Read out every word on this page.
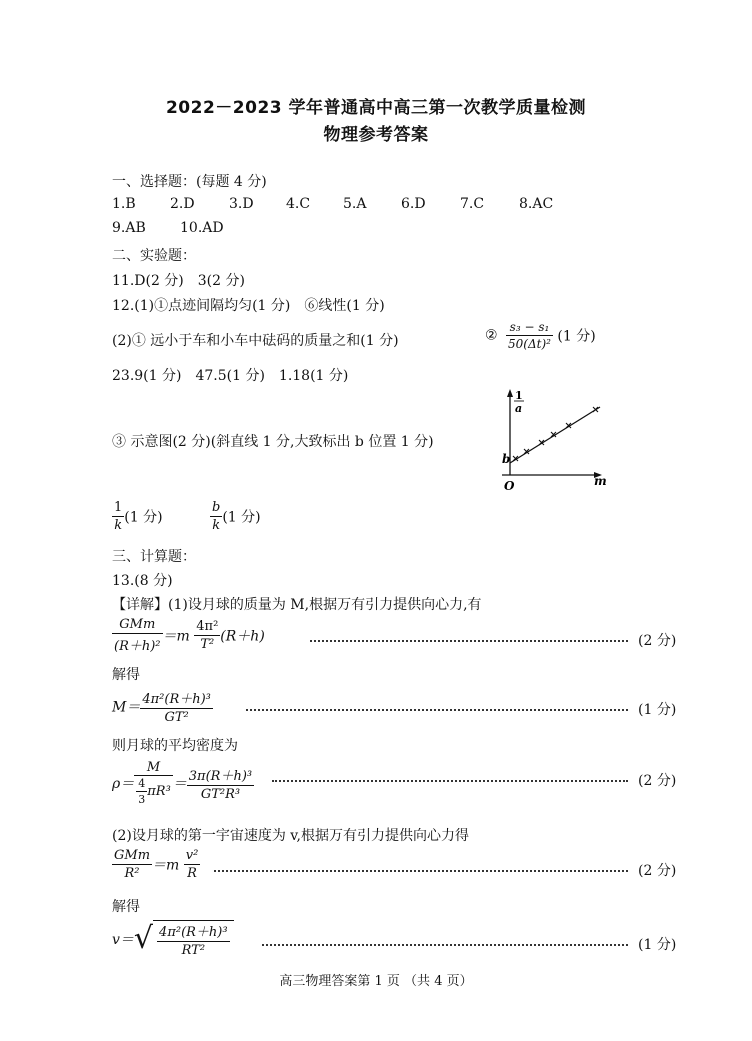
2022－2023 学年普通高中高三第一次教学质量检测
物理参考答案
一、选择题：(每题 4 分)
1.B 2.D 3.D 4.C 5.A 6.D 7.C 8.AC
9.AB 10.AD
二、实验题：
11.D(2 分)　3(2 分)
12.(1)①点迹间隔均匀(1 分)　⑥线性(1 分)
(2)① 远小于车和小车中砝码的质量之和(1 分)	② $\frac{\text{s₃ − s₁}}{\text{50(Δt)²}} (1$ 分)
23.9(1 分)　47.5(1 分)　1.18(1 分)
③ 示意图(2 分)(斜直线 1 分,大致标出 b 位置 1 分)
1
a
m
O
b
$\frac{1}{k} (1$ 分)	$\frac{b}{k} (1$ 分)
三、计算题：
13.(8 分)
【详解】(1)设月球的质量为 M,根据万有引力提供向心力,有
$\frac{\text{GMm}}{\text{(R＋h)²}} =m \frac{\text{4π²}}{\text{T²}} (R+h)$	(2 分)
解得
$M= \frac{\text{4π²(R＋h)³}}{\text{GT²}}$	(1 分)
则月球的平均密度为
$\rho= \frac{M}{\frac{4}{3} \pi R^3} = \frac{\text{3π(R＋h)³}}{\text{GT²R³}}$	(2 分)
(2)设月球的第一宇宙速度为 v,根据万有引力提供向心力得
$\frac{\text{GMm}}{\text{R²}} =m \frac{\text{v²}}{R}$	(2 分)
解得
$v=√ \frac{\text{4π²(R＋h)³}}{\text{RT²}}$	(1 分)
高三物理答案第 1 页 （共 4 页）
